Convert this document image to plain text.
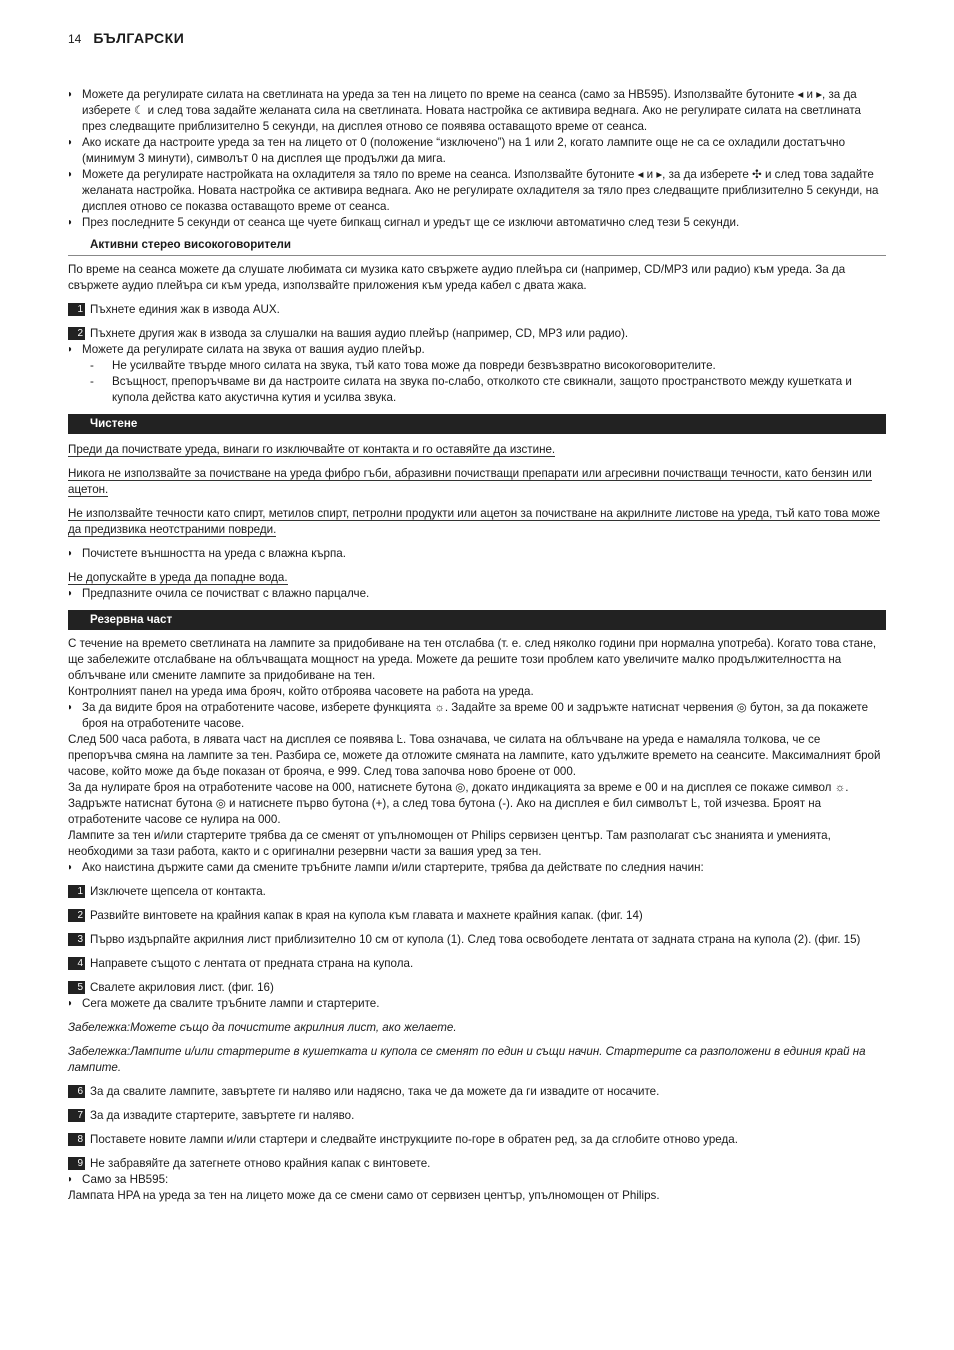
14 БЪЛГАРСКИ

◗ Можете да регулирате силата на светлината на уреда за тен на лицето по време на сеанса (само за HB595). Използвайте бутоните ◂ и ▸, за да изберете ☾ и след това задайте желаната сила на светлината. Новата настройка се активира веднага. Ако не регулирате силата на светлината през следващите приблизително 5 секунди, на дисплея отново се появява оставащото време от сеанса.

◗ Ако искате да настроите уреда за тен на лицето от 0 (положение “изключено”) на 1 или 2, когато лампите още не са се охладили достатъчно (минимум 3 минути), символът 0 на дисплея ще продължи да мига.

◗ Можете да регулирате настройката на охладителя за тяло по време на сеанса. Използвайте бутоните ◂ и ▸, за да изберете ✣ и след това задайте желаната настройка. Новата настройка се активира веднага. Ако не регулирате охладителя за тяло през следващите приблизително 5 секунди, на дисплея отново се показва оставащото време от сеанса.

◗ През последните 5 секунди от сеанса ще чуете бипкащ сигнал и уредът ще се изключи автоматично след тези 5 секунди.

Активни стерео високоговорители

По време на сеанса можете да слушате любимата си музика като свържете аудио плейъра си (например, CD/MP3 или радио) към уреда. За да свържете аудио плейъра си към уреда, използвайте приложения към уреда кабел с двата жака.

1 Пъхнете единия жак в извода AUX.

2 Пъхнете другия жак в извода за слушалки на вашия аудио плейър (например, CD, MP3 или радио).

◗ Можете да регулирате силата на звука от вашия аудио плейър.

- Не усилвайте твърде много силата на звука, тъй като това може да повреди безвъзвратно високоговорителите.

- Всъщност, препоръчваме ви да настроите силата на звука по-слабо, отколкото сте свикнали, защото пространството между кушетката и купола действа като акустична кутия и усилва звука.

Чистене

Преди да почиствате уреда, винаги го изключвайте от контакта и го оставяйте да изстине.

Никога не използвайте за почистване на уреда фибро гъби, абразивни почистващи препарати или агресивни почистващи течности, като бензин или ацетон.

Не използвайте течности като спирт, метилов спирт, петролни продукти или ацетон за почистване на акрилните листове на уреда, тъй като това може да предизвика неотстраними повреди.

◗ Почистете външността на уреда с влажна кърпа.

Не допускайте в уреда да попадне вода.

◗ Предпазните очила се почистват с влажно парцалче.

Резервна част

С течение на времето светлината на лампите за придобиване на тен отслабва (т. е. след няколко години при нормална употреба). Когато това стане, ще забележите отслабване на облъчващата мощност на уреда. Можете да решите този проблем като увеличите малко продължителността на облъчване или смените лампите за придобиване на тен.

Контролният панел на уреда има брояч, който отброява часовете на работа на уреда.

◗ За да видите броя на отработените часове, изберете функцията ☼. Задайте за време 00 и задръжте натиснат червения ◎ бутон, за да покажете броя на отработените часове.

След 500 часа работа, в лявата част на дисплея се появява Ŀ. Това означава, че силата на облъчване на уреда е намаляла толкова, че се препоръчва смяна на лампите за тен. Разбира се, можете да отложите смяната на лампите, като удължите времето на сеансите. Максималният брой часове, който може да бъде показан от брояча, е 999. След това започва ново броене от 000.

За да нулирате броя на отработените часове на 000, натиснете бутона ◎, докато индикацията за време е 00 и на дисплея се покаже символ ☼. Задръжте натиснат бутона ◎ и натиснете първо бутона (+), а след това бутона (-). Ако на дисплея е бил символът Ŀ, той изчезва. Броят на отработените часове се нулира на 000.

Лампите за тен и/или стартерите трябва да се сменят от упълномощен от Philips сервизен център. Там разполагат със знанията и уменията, необходими за тази работа, както и с оригинални резервни части за вашия уред за тен.

◗ Ако наистина държите сами да смените тръбните лампи и/или стартерите, трябва да действате по следния начин:

1 Изключете щепсела от контакта.

2 Развийте винтовете на крайния капак в края на купола към главата и махнете крайния капак. (фиг. 14)

3 Първо издърпайте акрилния лист приблизително 10 см от купола (1). След това освободете лентата от задната страна на купола (2). (фиг. 15)

4 Направете същото с лентата от предната страна на купола.

5 Свалете акриловия лист. (фиг. 16)

◗ Сега можете да свалите тръбните лампи и стартерите.

Забележка:Можете също да почистите акрилния лист, ако желаете.

Забележка:Лампите и/или стартерите в кушетката и купола се сменят по един и същи начин. Стартерите са разположени в единия край на лампите.

6 За да свалите лампите, завъртете ги наляво или надясно, така че да можете да ги извадите от носачите.

7 За да извадите стартерите, завъртете ги наляво.

8 Поставете новите лампи и/или стартери и следвайте инструкциите по-горе в обратен ред, за да сглобите отново уреда.

9 Не забравяйте да затегнете отново крайния капак с винтовете.

◗ Само за HB595:

Лампата HPA на уреда за тен на лицето може да се смени само от сервизен център, упълномощен от Philips.
